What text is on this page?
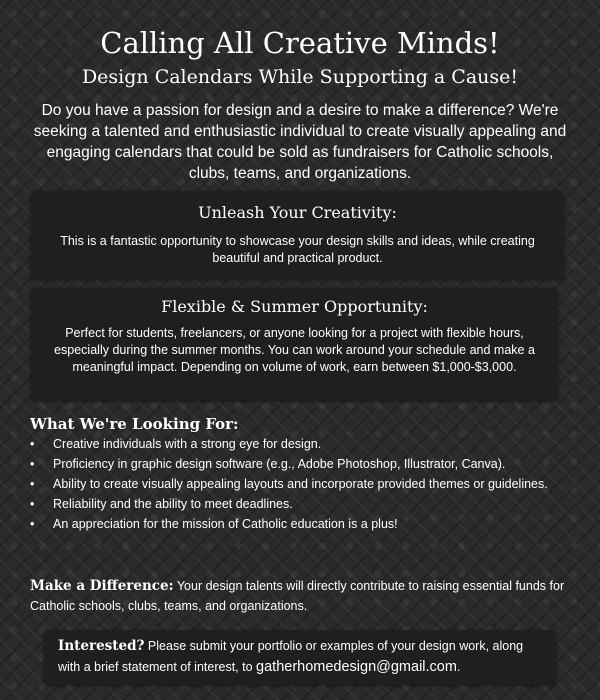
Calling All Creative Minds!
Design Calendars While Supporting a Cause!
Do you have a passion for design and a desire to make a difference? We're seeking a talented and enthusiastic individual to create visually appealing and engaging calendars that could be sold as fundraisers for Catholic schools, clubs, teams, and organizations.
Unleash Your Creativity:
This is a fantastic opportunity to showcase your design skills and ideas, while creating beautiful and practical product.
Flexible & Summer Opportunity:
Perfect for students, freelancers, or anyone looking for a project with flexible hours, especially during the summer months. You can work around your schedule and make a meaningful impact. Depending on volume of work, earn between $1,000-$3,000.
What We're Looking For:
• Creative individuals with a strong eye for design.
• Proficiency in graphic design software (e.g., Adobe Photoshop, Illustrator, Canva).
• Ability to create visually appealing layouts and incorporate provided themes or guidelines.
• Reliability and the ability to meet deadlines.
• An appreciation for the mission of Catholic education is a plus!
Make a Difference: Your design talents will directly contribute to raising essential funds for Catholic schools, clubs, teams, and organizations.
Interested? Please submit your portfolio or examples of your design work, along with a brief statement of interest, to gatherhomedesign@gmail.com.
